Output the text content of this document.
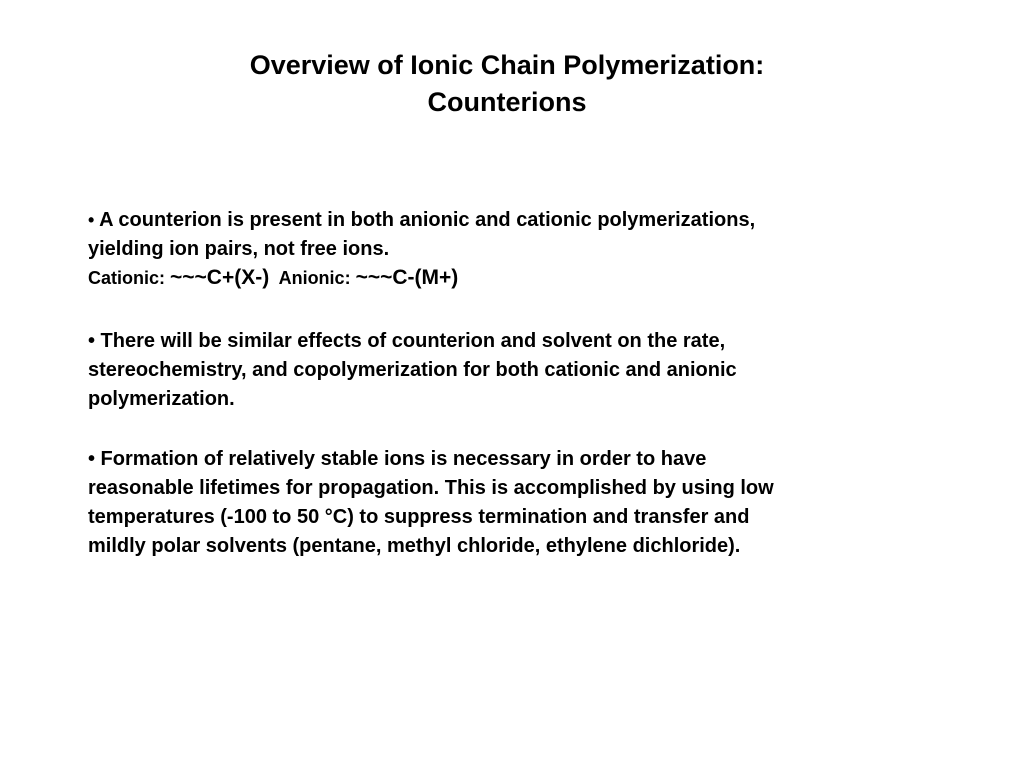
Overview of Ionic Chain Polymerization:
Counterions
• A counterion is present in both anionic and cationic polymerizations,
yielding ion pairs, not free ions.
Cationic: ~~~C+(X-)  Anionic: ~~~C-(M+)
• There will be similar effects of counterion and solvent on the rate,
stereochemistry, and copolymerization for both cationic and anionic
polymerization.
• Formation of relatively stable ions is necessary in order to have
reasonable lifetimes for propagation. This is accomplished by using low
temperatures (-100 to 50 °C) to suppress termination and transfer and
mildly polar solvents (pentane, methyl chloride, ethylene dichloride).
